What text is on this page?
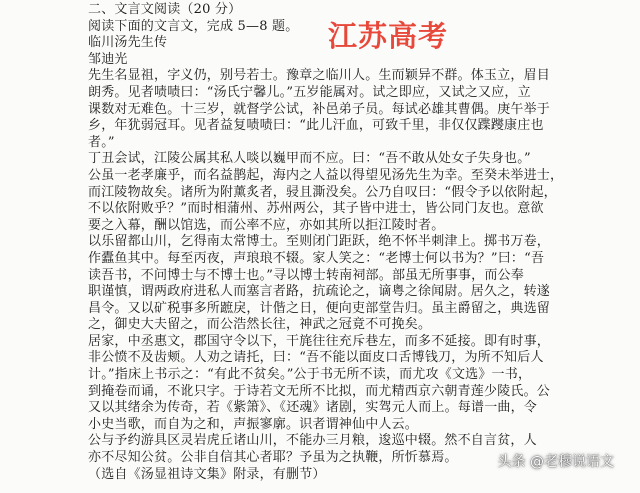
二、文言文阅读（20 分）
阅读下面的文言文，完成 5—8 题。
临川汤先生传
邹迪光
先生名显祖，字义仍，别号若士。豫章之临川人。生而颖异不群。体玉立，眉目
朗秀。见者啧啧曰：“汤氏宁馨儿。”五岁能属对。试之即应，又试之又应，立
课数对无难色。十三岁，就督学公试，补邑弟子员。每试必雄其曹偶。庚午举于
乡，年犹弱冠耳。见者益复啧啧曰：“此儿汗血，可致千里，非仅仅蹀躞康庄也
者。”
丁丑会试，江陵公属其私人啖以巍甲而不应。曰：“吾不敢从处女子失身也。”
公虽一老孝廉乎，而名益鹊起，海内之人益以得望见汤先生为幸。至癸未举进士，
而江陵物故矣。诸所为附薰炙者，骎且澌没矣。公乃自叹曰：“假令予以依附起，
不以依附败乎？”而时相蒲州、苏州两公，其子皆中进士，皆公同门友也。意欲
要之入幕，酬以馆选，而公率不应，亦如其所以拒江陵时者。
以乐留都山川，乞得南太常博士。至则闭门距跃，绝不怀半刺津上。掷书万卷，
作蠹鱼其中。每至丙夜，声琅琅不辍。家人笑之：“老博士何以书为？”曰：“吾
读吾书，不问博士与不博士也。”寻以博士转南祠部。部虽无所事事，而公奉
职谨慎，谓两政府进私人而塞言者路，抗疏论之，谪粤之徐闻尉。居久之，转遂
昌令。又以矿税事多所蹠戾，计偕之日，便向吏部堂告归。虽主爵留之，典选留
之，御史大夫留之，而公浩然长往，神武之冠竟不可挽矣。
居家，中丞惠文，郡国守令以下，干旄往往充斥巷左，而多不延接。即有时事，
非公愤不及齿颊。人劝之请托，曰：“吾不能以面皮口舌博钱刀，为所不知后人
计。”指床上书示之：“有此不贫矣。”公于书无所不读，而尤攻《文选》一书，
到掩卷而诵，不讹只字。于诗若文无所不比拟，而尤精西京六朝青莲少陵氏。公
又以其绪余为传奇，若《紫箫》、《还魂》诸剧，实驾元人而上。每谱一曲，令
小史当歌，而自为之和，声振寥廓。识者谓神仙中人云。
公与予约游具区灵岩虎丘诸山川，不能办三月粮，逡巡中辍。然不自言贫，人
亦不尽知公贫。公非自信其心者耶？予虽为之执鞭，所忻慕焉。
（选自《汤显祖诗文集》附录，有删节）
江苏高考
头条 @老穆说语文
